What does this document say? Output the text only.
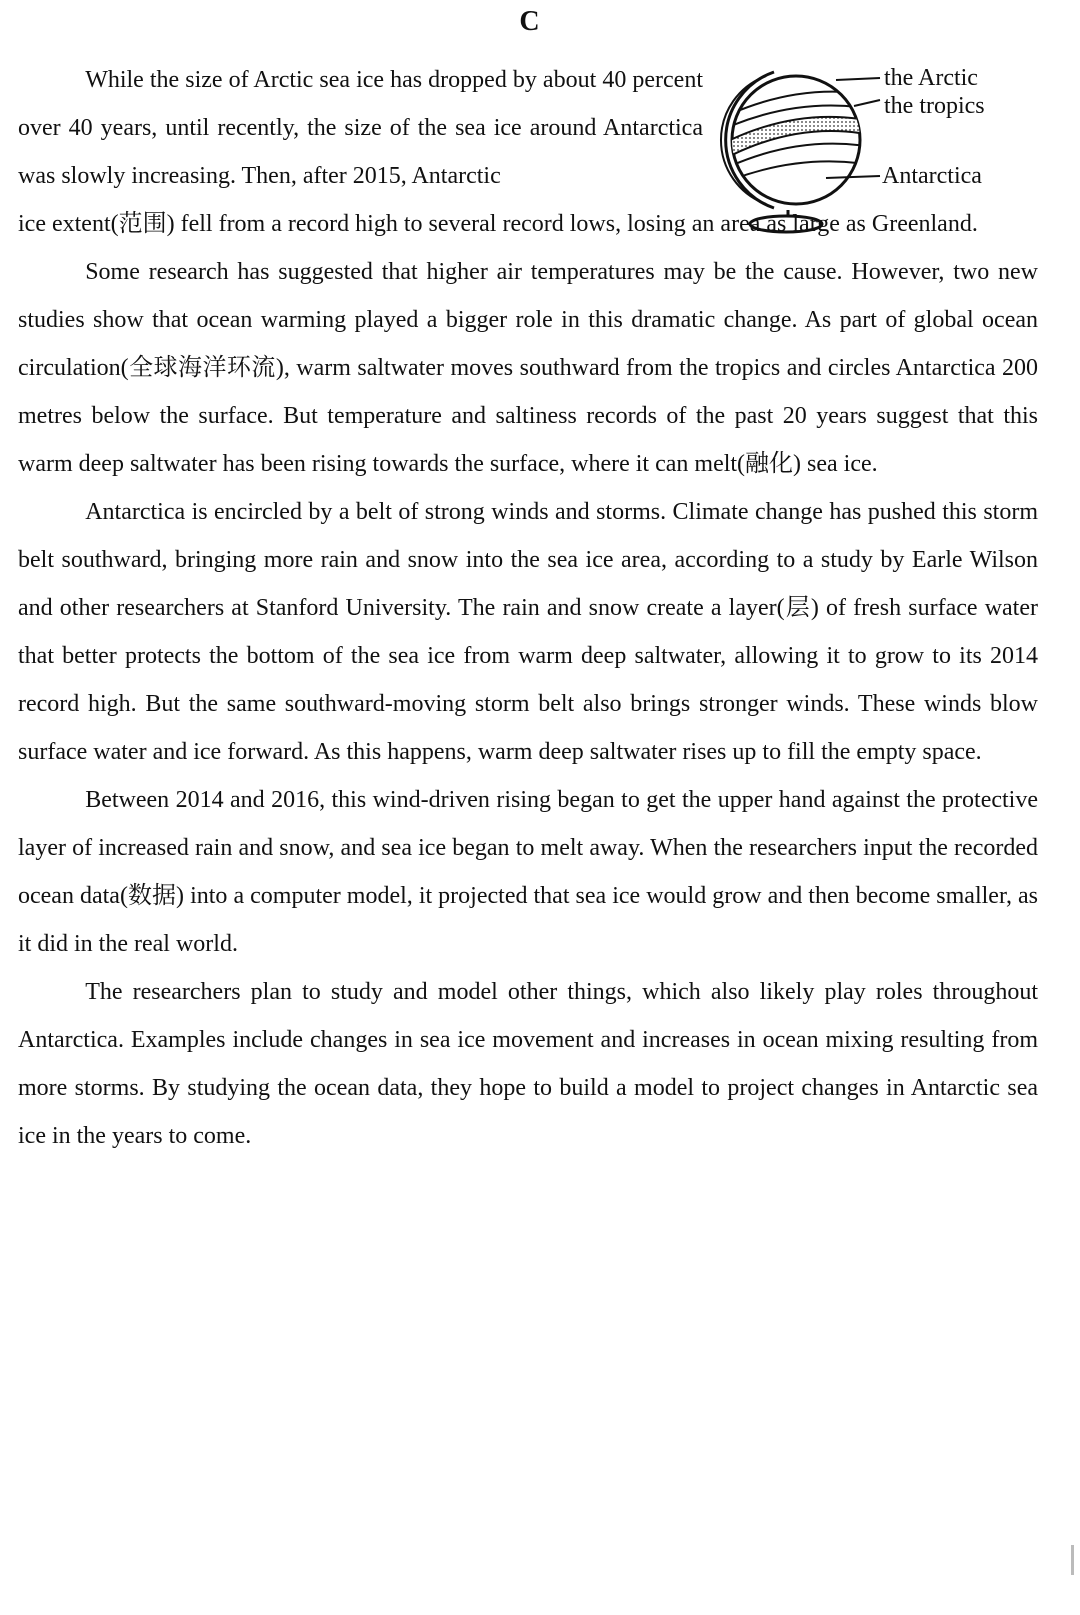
C
the Arctic
the tropics
Antarctica

While the size of Arctic sea ice has dropped by about 40 percent over 40 years, until recently, the size of the sea ice around Antarctica was slowly increasing. Then, after 2015, Antarctic

ice extent(范围) fell from a record high to several record lows, losing an area as large as Greenland.

Some research has suggested that higher air temperatures may be the cause. However, two new studies show that ocean warming played a bigger role in this dramatic change. As part of global ocean circulation(全球海洋环流), warm saltwater moves southward from the tropics and circles Antarctica 200 metres below the surface. But temperature and saltiness records of the past 20 years suggest that this warm deep saltwater has been rising towards the surface, where it can melt(融化) sea ice.

Antarctica is encircled by a belt of strong winds and storms. Climate change has pushed this storm belt southward, bringing more rain and snow into the sea ice area, according to a study by Earle Wilson and other researchers at Stanford University. The rain and snow create a layer(层) of fresh surface water that better protects the bottom of the sea ice from warm deep saltwater, allowing it to grow to its 2014 record high. But the same southward-moving storm belt also brings stronger winds. These winds blow surface water and ice forward. As this happens, warm deep saltwater rises up to fill the empty space.

Between 2014 and 2016, this wind-driven rising began to get the upper hand against the protective layer of increased rain and snow, and sea ice began to melt away. When the researchers input the recorded ocean data(数据) into a computer model, it projected that sea ice would grow and then become smaller, as it did in the real world.

The researchers plan to study and model other things, which also likely play roles throughout Antarctica. Examples include changes in sea ice movement and increases in ocean mixing resulting from more storms. By studying the ocean data, they hope to build a model to project changes in Antarctic sea ice in the years to come.
